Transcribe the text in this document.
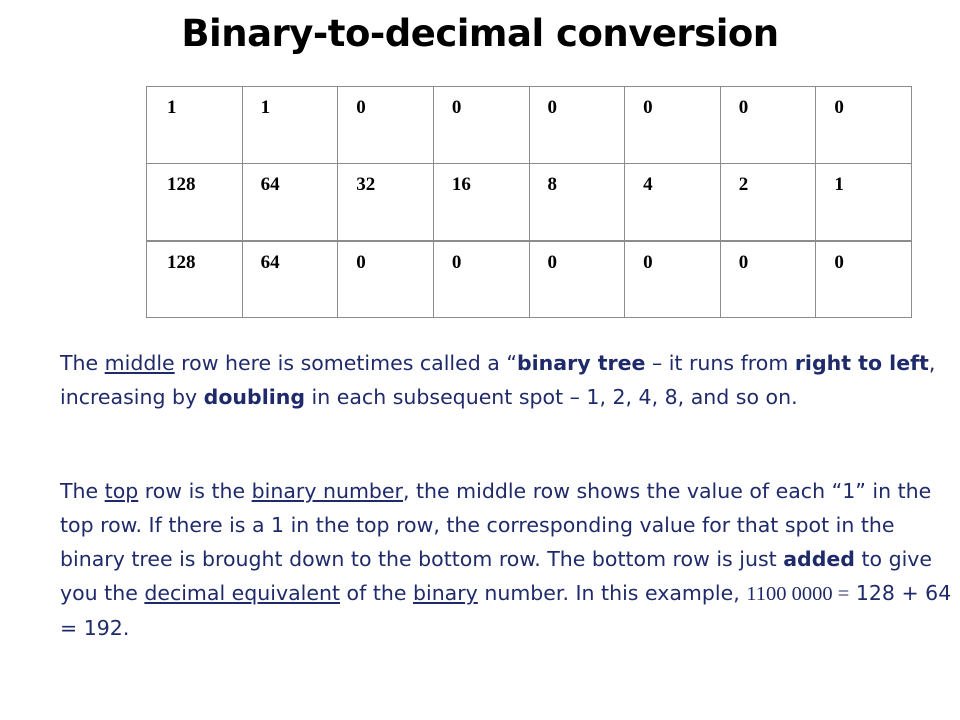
Binary-to-decimal conversion
1	1	0	0	0	0	0	0
128	64	32	16	8	4	2	1
128	64	0	0	0	0	0	0

The middle row here is sometimes called a “binary tree – it runs from right to left, increasing by doubling in each subsequent spot – 1, 2, 4, 8, and so on.

The top row is the binary number, the middle row shows the value of each “1” in the top row. If there is a 1 in the top row, the corresponding value for that spot in the binary tree is brought down to the bottom row. The bottom row is just added to give you the decimal equivalent of the binary number. In this example, 1100 0000 = 128 + 64 = 192.
